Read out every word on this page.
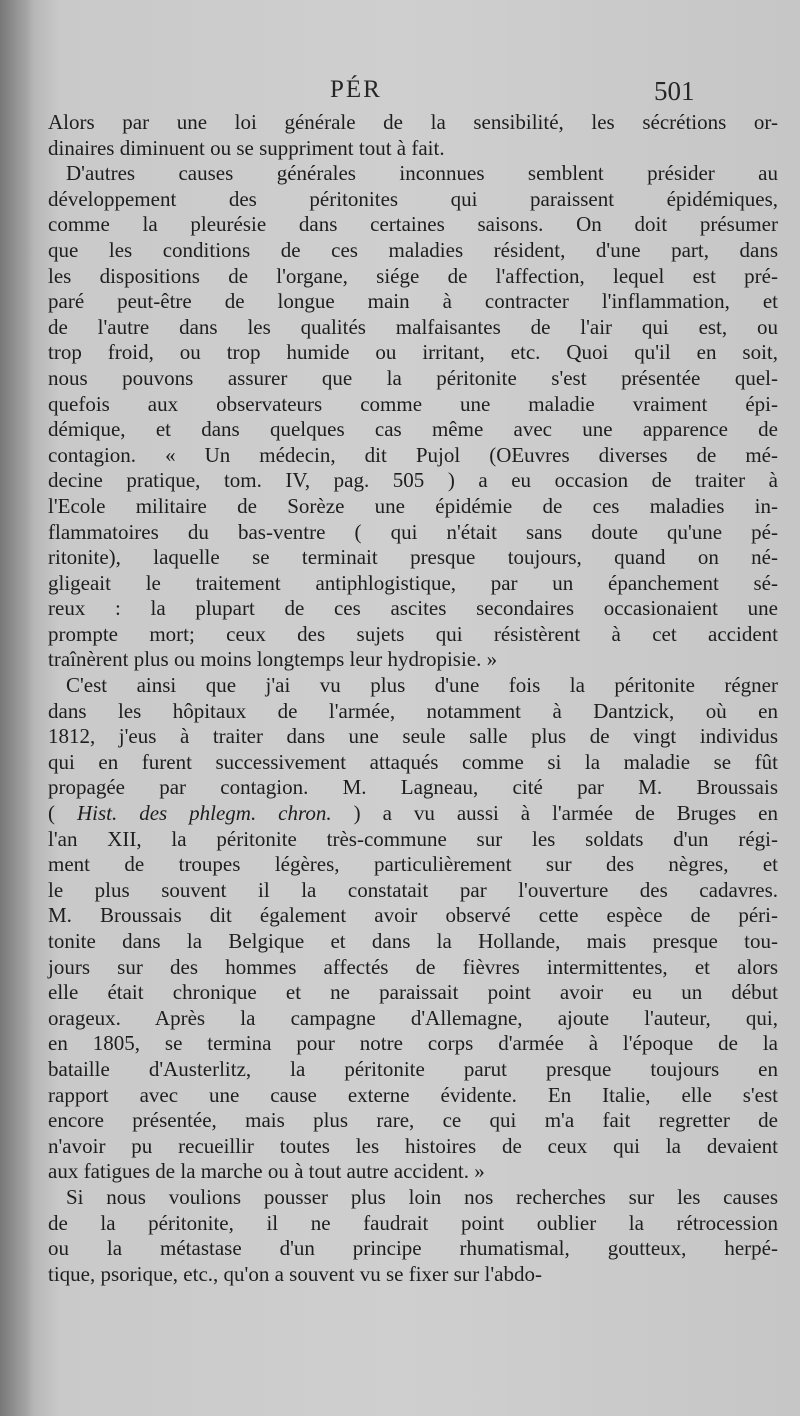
PÉR	501
Alors par une loi générale de la sensibilité, les sécrétions or-
dinaires diminuent ou se suppriment tout à fait.
D'autres causes générales inconnues semblent présider au
développement des péritonites qui paraissent épidémiques,
comme la pleurésie dans certaines saisons. On doit présumer
que les conditions de ces maladies résident, d'une part, dans
les dispositions de l'organe, siége de l'affection, lequel est pré-
paré peut-être de longue main à contracter l'inflammation, et
de l'autre dans les qualités malfaisantes de l'air qui est, ou
trop froid, ou trop humide ou irritant, etc. Quoi qu'il en soit,
nous pouvons assurer que la péritonite s'est présentée quel-
quefois aux observateurs comme une maladie vraiment épi-
démique, et dans quelques cas même avec une apparence de
contagion. « Un médecin, dit Pujol (OEuvres diverses de mé-
decine pratique, tom. IV, pag. 505 ) a eu occasion de traiter à
l'Ecole militaire de Sorèze une épidémie de ces maladies in-
flammatoires du bas-ventre ( qui n'était sans doute qu'une pé-
ritonite), laquelle se terminait presque toujours, quand on né-
gligeait le traitement antiphlogistique, par un épanchement sé-
reux : la plupart de ces ascites secondaires occasionaient une
prompte mort; ceux des sujets qui résistèrent à cet accident
traînèrent plus ou moins longtemps leur hydropisie. »
C'est ainsi que j'ai vu plus d'une fois la péritonite régner
dans les hôpitaux de l'armée, notamment à Dantzick, où en
1812, j'eus à traiter dans une seule salle plus de vingt individus
qui en furent successivement attaqués comme si la maladie se fût
propagée par contagion. M. Lagneau, cité par M. Broussais
( Hist. des phlegm. chron. ) a vu aussi à l'armée de Bruges en
l'an XII, la péritonite très-commune sur les soldats d'un régi-
ment de troupes légères, particulièrement sur des nègres, et
le plus souvent il la constatait par l'ouverture des cadavres.
M. Broussais dit également avoir observé cette espèce de péri-
tonite dans la Belgique et dans la Hollande, mais presque tou-
jours sur des hommes affectés de fièvres intermittentes, et alors
elle était chronique et ne paraissait point avoir eu un début
orageux. Après la campagne d'Allemagne, ajoute l'auteur, qui,
en 1805, se termina pour notre corps d'armée à l'époque de la
bataille d'Austerlitz, la péritonite parut presque toujours en
rapport avec une cause externe évidente. En Italie, elle s'est
encore présentée, mais plus rare, ce qui m'a fait regretter de
n'avoir pu recueillir toutes les histoires de ceux qui la devaient
aux fatigues de la marche ou à tout autre accident. »
Si nous voulions pousser plus loin nos recherches sur les causes
de la péritonite, il ne faudrait point oublier la rétrocession
ou la métastase d'un principe rhumatismal, goutteux, herpé-
tique, psorique, etc., qu'on a souvent vu se fixer sur l'abdo-
